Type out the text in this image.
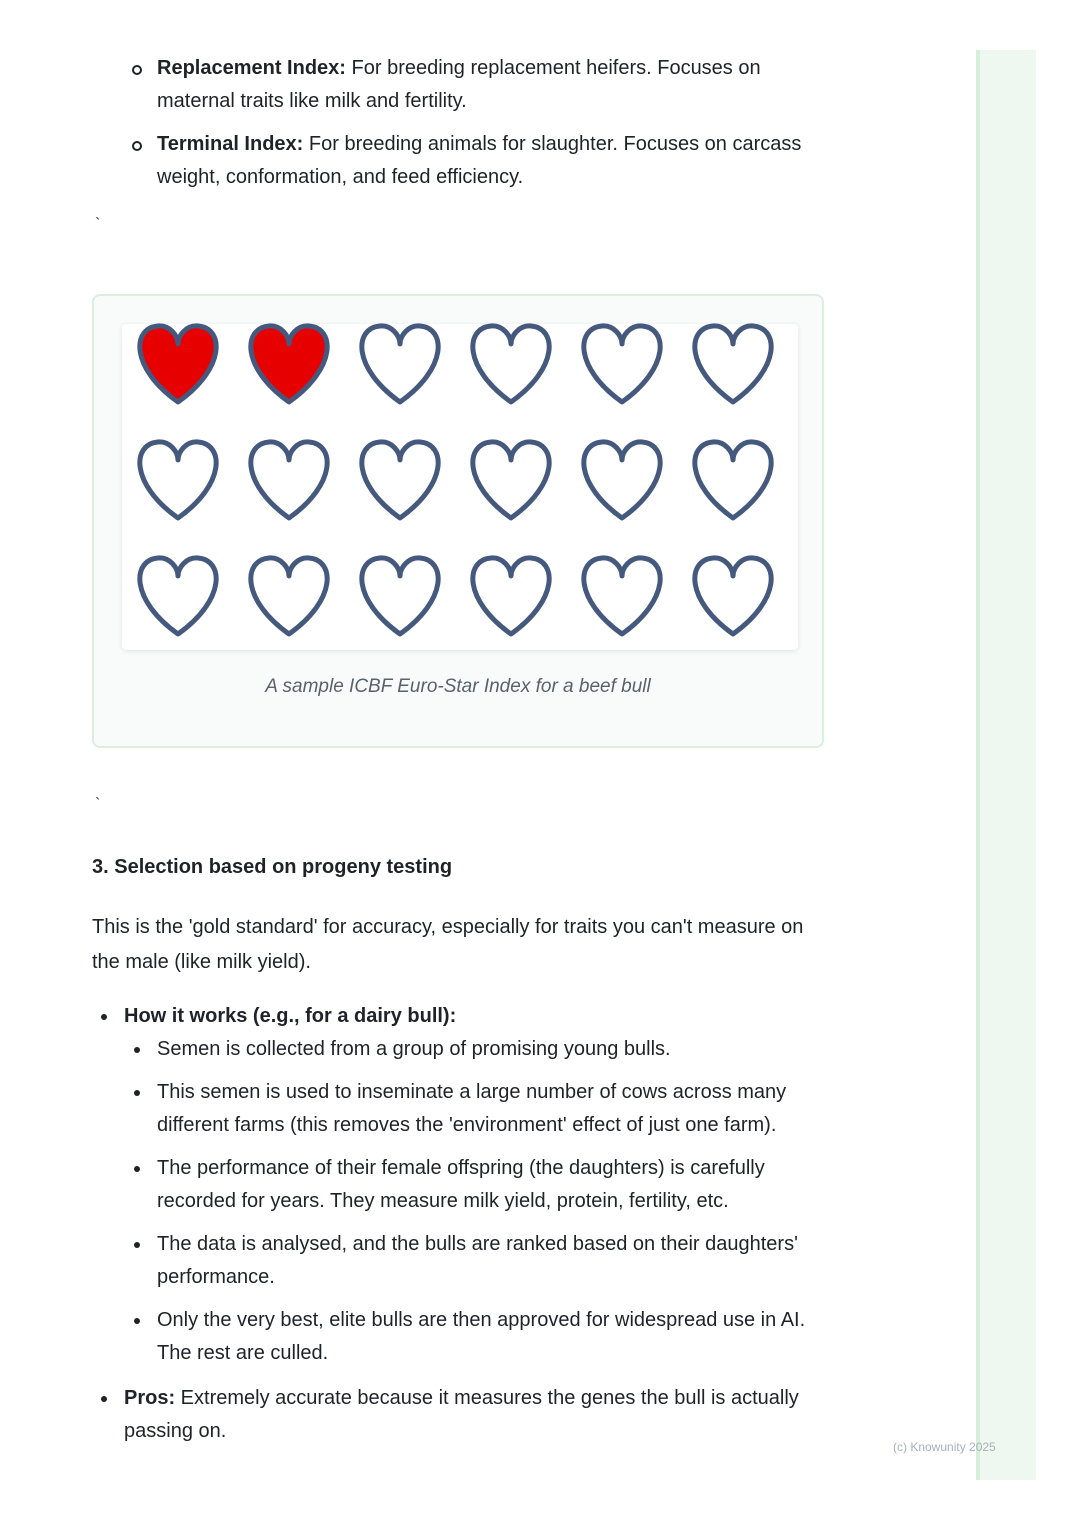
(c) Knowunity 2025
Replacement Index: For breeding replacement heifers. Focuses on maternal traits like milk and fertility.
Terminal Index: For breeding animals for slaughter. Focuses on carcass weight, conformation, and feed efficiency.
`
A sample ICBF Euro-Star Index for a beef bull
`
3. Selection based on progeny testing

This is the 'gold standard' for accuracy, especially for traits you can't measure on the male (like milk yield).

How it works (e.g., for a dairy bull):
Semen is collected from a group of promising young bulls.
This semen is used to inseminate a large number of cows across many different farms (this removes the 'environment' effect of just one farm).
The performance of their female offspring (the daughters) is carefully recorded for years. They measure milk yield, protein, fertility, etc.
The data is analysed, and the bulls are ranked based on their daughters' performance.
Only the very best, elite bulls are then approved for widespread use in AI. The rest are culled.
Pros: Extremely accurate because it measures the genes the bull is actually passing on.
